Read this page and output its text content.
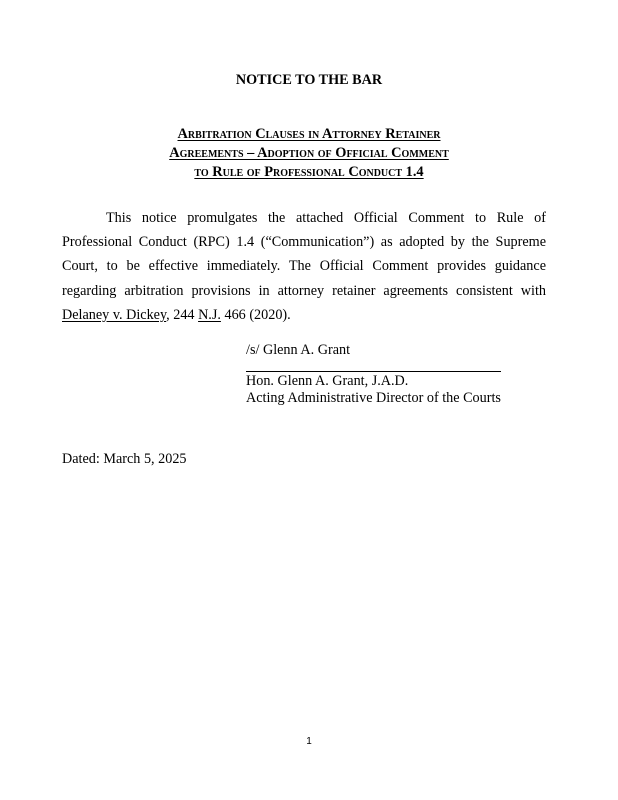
NOTICE TO THE BAR
Arbitration Clauses in Attorney Retainer
Agreements – Adoption of Official Comment
to Rule of Professional Conduct 1.4

This notice promulgates the attached Official Comment to Rule of Professional Conduct (RPC) 1.4 (“Communication”) as adopted by the Supreme Court, to be effective immediately. The Official Comment provides guidance regarding arbitration provisions in attorney retainer agreements consistent with Delaney v. Dickey, 244 N.J. 466 (2020).

/s/ Glenn A. Grant
Hon. Glenn A. Grant, J.A.D.
Acting Administrative Director of the Courts
Dated: March 5, 2025
1
